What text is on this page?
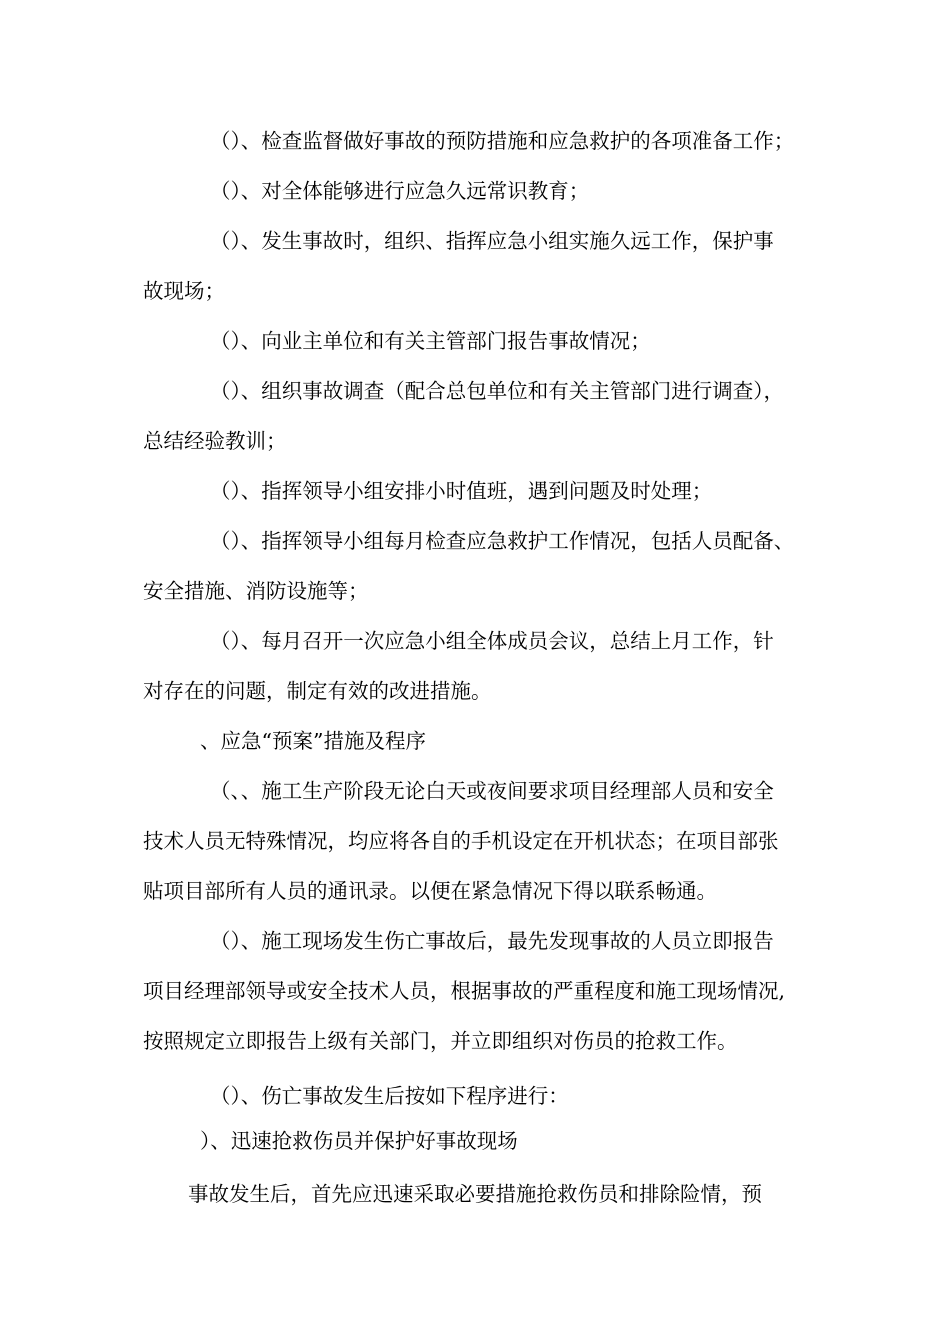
（）、检查监督做好事故的预防措施和应急救护的各项准备工作；
（）、对全体能够进行应急久远常识教育；
（）、发生事故时，组织、指挥应急小组实施久远工作，保护事
故现场；
（）、向业主单位和有关主管部门报告事故情况；
（）、组织事故调查（配合总包单位和有关主管部门进行调查），
总结经验教训；
（）、指挥领导小组安排小时值班，遇到问题及时处理；
（）、指挥领导小组每月检查应急救护工作情况，包括人员配备、
安全措施、消防设施等；
（）、每月召开一次应急小组全体成员会议，总结上月工作，针
对存在的问题，制定有效的改进措施。
、应急“预案”措施及程序
（、、施工生产阶段无论白天或夜间要求项目经理部人员和安全
技术人员无特殊情况，均应将各自的手机设定在开机状态；在项目部张
贴项目部所有人员的通讯录。以便在紧急情况下得以联系畅通。
（）、施工现场发生伤亡事故后，最先发现事故的人员立即报告
项目经理部领导或安全技术人员，根据事故的严重程度和施工现场情况,
按照规定立即报告上级有关部门，并立即组织对伤员的抢救工作。
（）、伤亡事故发生后按如下程序进行：
）、迅速抢救伤员并保护好事故现场
事故发生后，首先应迅速采取必要措施抢救伤员和排除险情，预
